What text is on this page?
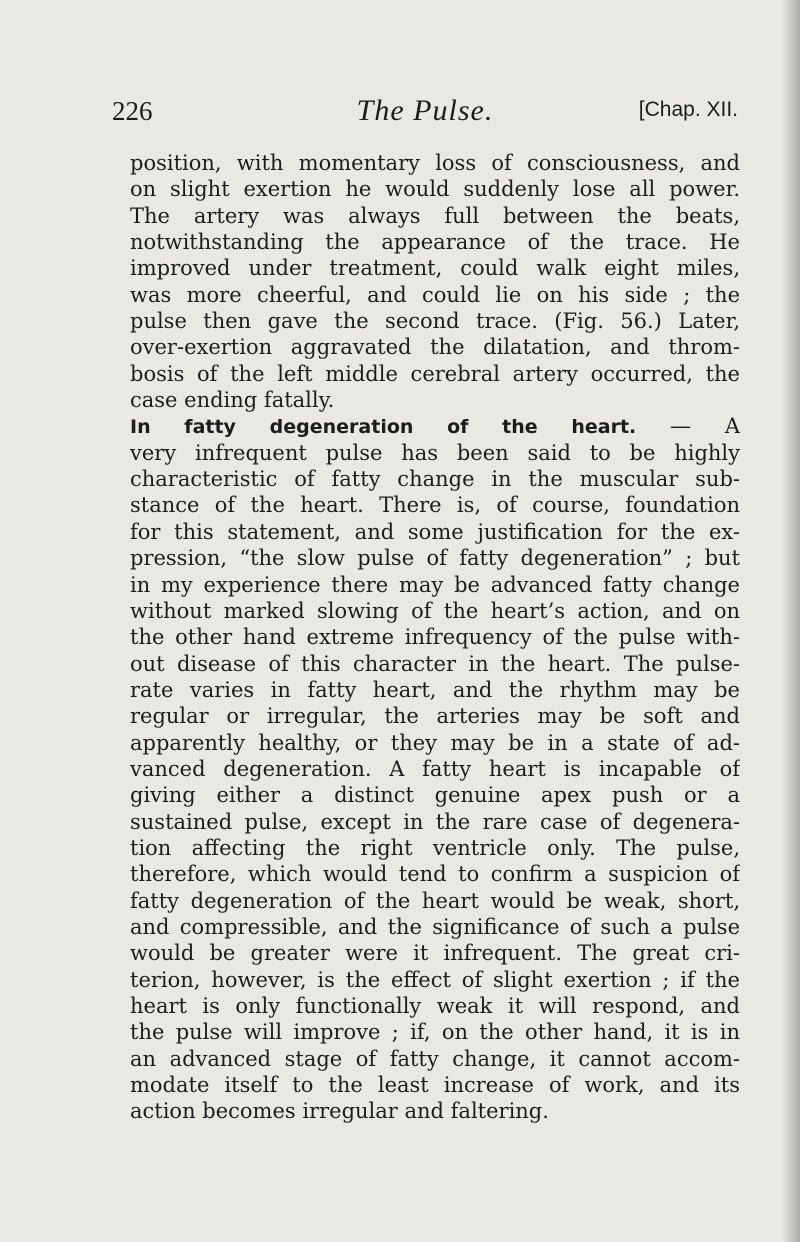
226	The Pulse.	[Chap. XII.
position, with momentary loss of consciousness, and
on slight exertion he would suddenly lose all power.
The artery was always full between the beats,
notwithstanding the appearance of the trace. He
improved under treatment, could walk eight miles,
was more cheerful, and could lie on his side ; the
pulse then gave the second trace. (Fig. 56.) Later,
over-exertion aggravated the dilatation, and throm-
bosis of the left middle cerebral artery occurred, the
case ending fatally.
In fatty degeneration of the heart. — A
very infrequent pulse has been said to be highly
characteristic of fatty change in the muscular sub-
stance of the heart. There is, of course, foundation
for this statement, and some justification for the ex-
pression, “the slow pulse of fatty degeneration” ; but
in my experience there may be advanced fatty change
without marked slowing of the heart’s action, and on
the other hand extreme infrequency of the pulse with-
out disease of this character in the heart. The pulse-
rate varies in fatty heart, and the rhythm may be
regular or irregular, the arteries may be soft and
apparently healthy, or they may be in a state of ad-
vanced degeneration. A fatty heart is incapable of
giving either a distinct genuine apex push or a
sustained pulse, except in the rare case of degenera-
tion affecting the right ventricle only. The pulse,
therefore, which would tend to confirm a suspicion of
fatty degeneration of the heart would be weak, short,
and compressible, and the significance of such a pulse
would be greater were it infrequent. The great cri-
terion, however, is the effect of slight exertion ; if the
heart is only functionally weak it will respond, and
the pulse will improve ; if, on the other hand, it is in
an advanced stage of fatty change, it cannot accom-
modate itself to the least increase of work, and its
action becomes irregular and faltering.
